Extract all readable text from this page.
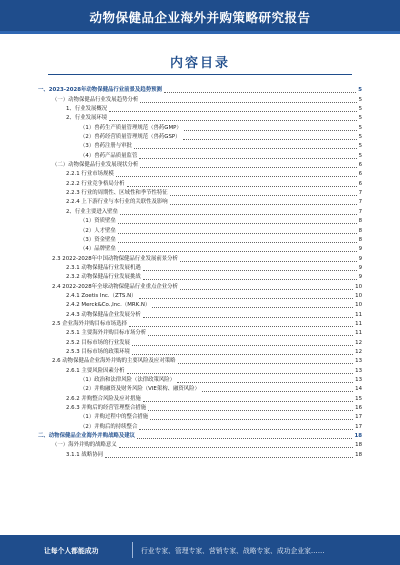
动物保健品企业海外并购策略研究报告
内容目录
一、2023-2028年动物保健品行业前景及趋势预测	5
（一）动物保健品行业发展趋势分析	5
1、行业发展概况	5
2、行业发展环境	5
（1）兽药生产质量管理规范（兽药GMP）	5
（2）兽药经营质量管理规范（兽药GSP）	5
（3）兽药注册与审批	5
（4）兽药产品质量监管	5
（二）动物保健品行业发展现状分析	6
2.2.1 行业市场规模	6
2.2.2 行业竞争格局分析	6
2.2.3 行业的周期性、区域性和季节性特征	7
2.2.4 上下游行业与本行业的关联性及影响	7
2、行业主要进入壁垒	7
（1）资质壁垒	8
（2）人才壁垒	8
（3）资金壁垒	8
（4）品牌壁垒	9
2.3 2022-2028年中国动物保健品行业发展前景分析	9
2.3.1 动物保健品行业发展机遇	9
2.3.2 动物保健品行业发展挑战	9
2.4 2022-2028年全球动物保健品行业重点企业分析	10
2.4.1 Zoetis Inc.（ZTS.N）	10
2.4.2 Merck&Co.,Inc.（MRK.N）	10
2.4.3 动物保健品企业发展分析	11
2.5 企业海外并购目标市场选择	11
2.5.1 主要海外并购目标市场分析	11
2.5.2 目标市场的行业发展	12
2.5.3 目标市场的政策环境	12
2.6 动物保健品企业海外并购的主要风险及应对策略	13
2.6.1 主要风险因素分析	13
（1）政治和法律风险（法律政策风险）	13
（2）并购融资及财务风险（VIE架构、融资风险）	14
2.6.2 并购整合风险及应对措施	15
2.6.3 并购后的经营管理整合措施	16
（1）并购过程中的整合措施	17
（2）并购后的持续整合	17
二、动物保健品企业海外并购战略及建议	18
（一）海外并购的战略意义	18
3.1.1 战略协同	18
让每个人都能成功	行业专家、管理专家、营销专家、战略专家、成功企业家……
